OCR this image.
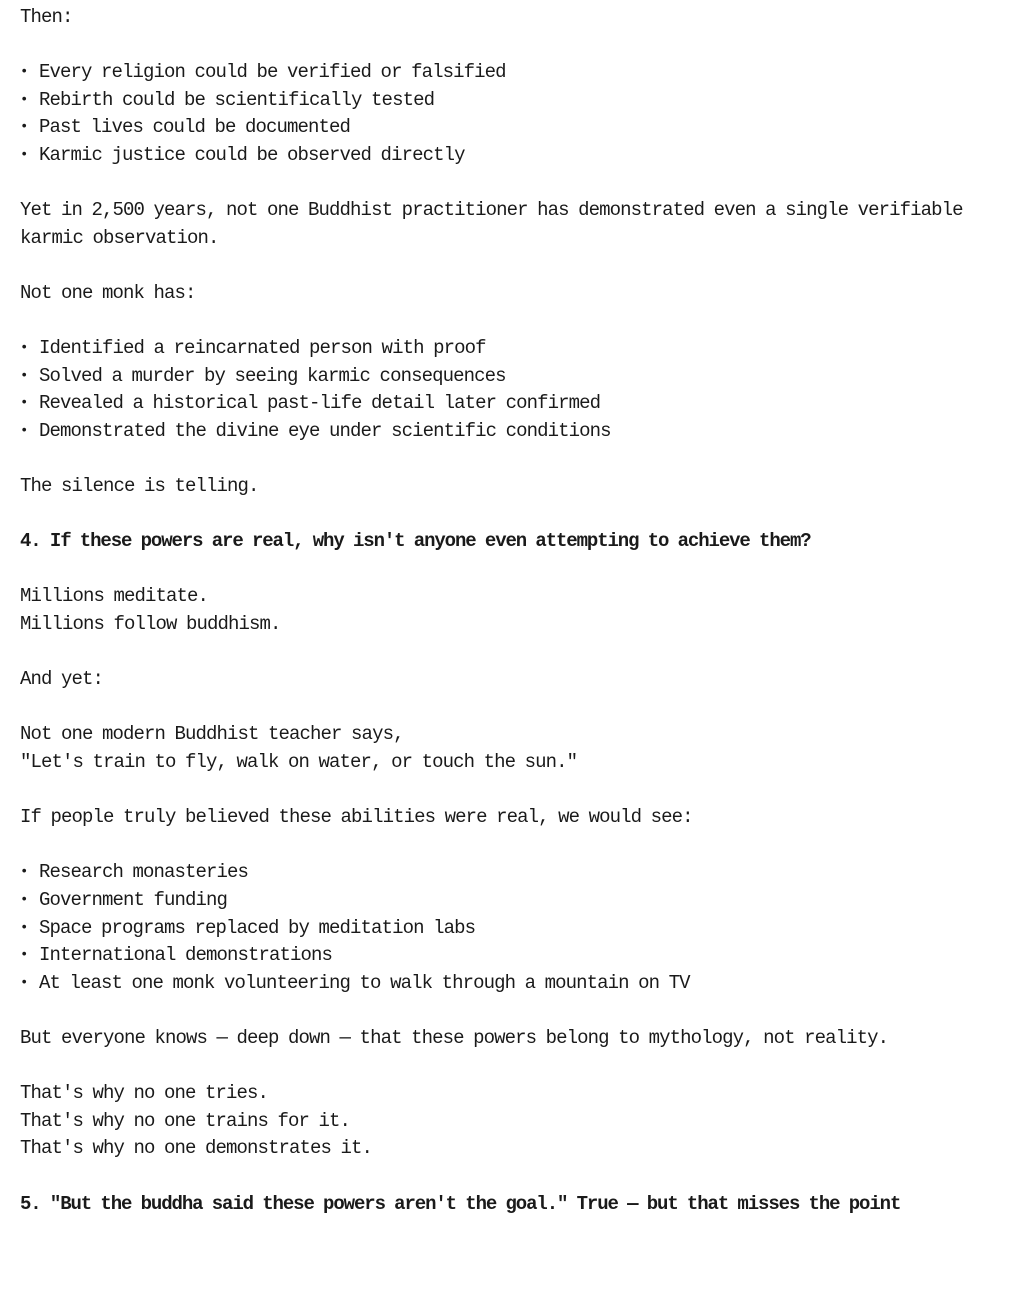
Then:

• Every religion could be verified or falsified
• Rebirth could be scientifically tested
• Past lives could be documented
• Karmic justice could be observed directly

Yet in 2,500 years, not one Buddhist practitioner has demonstrated even a single verifiable karmic observation.

Not one monk has:

• Identified a reincarnated person with proof
• Solved a murder by seeing karmic consequences
• Revealed a historical past-life detail later confirmed
• Demonstrated the divine eye under scientific conditions

The silence is telling.

4. If these powers are real, why isn't anyone even attempting to achieve them?

Millions meditate.
Millions follow buddhism.

And yet:

Not one modern Buddhist teacher says,
"Let's train to fly, walk on water, or touch the sun."

If people truly believed these abilities were real, we would see:

• Research monasteries
• Government funding
• Space programs replaced by meditation labs
• International demonstrations
• At least one monk volunteering to walk through a mountain on TV

But everyone knows — deep down — that these powers belong to mythology, not reality.

That's why no one tries.
That's why no one trains for it.
That's why no one demonstrates it.

5. "But the buddha said these powers aren't the goal." True — but that misses the point
